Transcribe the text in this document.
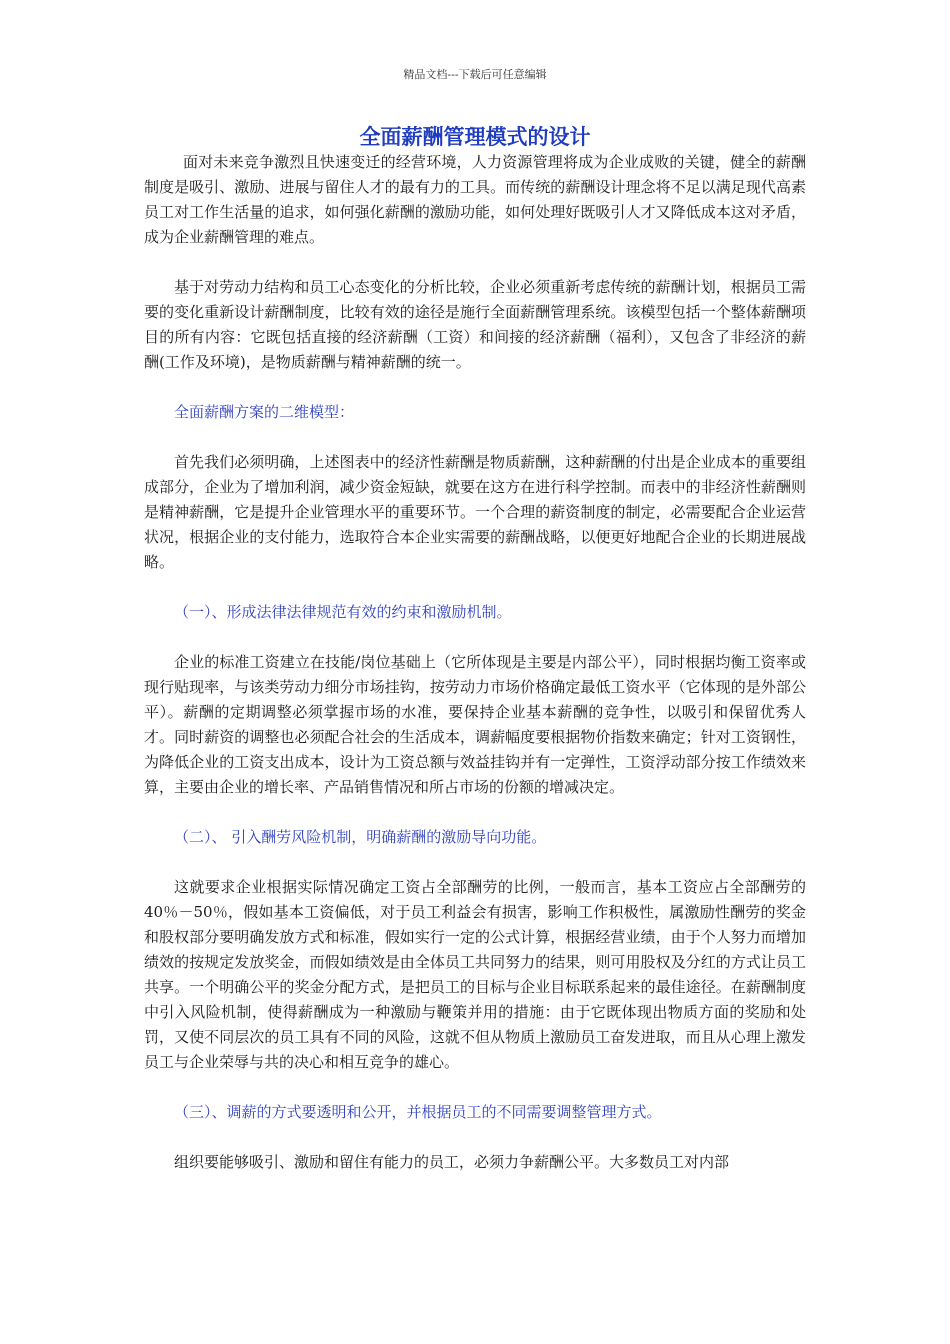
精品文档---下载后可任意编辑
全面薪酬管理模式的设计

面对未来竞争激烈且快速变迁的经营环境，人力资源管理将成为企业成败的关键，健全的薪酬制度是吸引、激励、进展与留住人才的最有力的工具。而传统的薪酬设计理念将不足以满足现代高素员工对工作生活量的追求，如何强化薪酬的激励功能，如何处理好既吸引人才又降低成本这对矛盾，成为企业薪酬管理的难点。

基于对劳动力结构和员工心态变化的分析比较，企业必须重新考虑传统的薪酬计划，根据员工需要的变化重新设计薪酬制度，比较有效的途径是施行全面薪酬管理系统。该模型包括一个整体薪酬项目的所有内容：它既包括直接的经济薪酬（工资）和间接的经济薪酬（福利），又包含了非经济的薪酬(工作及环境)，是物质薪酬与精神薪酬的统一。

全面薪酬方案的二维模型：

首先我们必须明确，上述图表中的经济性薪酬是物质薪酬，这种薪酬的付出是企业成本的重要组成部分，企业为了增加利润，减少资金短缺，就要在这方在进行科学控制。而表中的非经济性薪酬则是精神薪酬，它是提升企业管理水平的重要环节。一个合理的薪资制度的制定，必需要配合企业运营状况，根据企业的支付能力，选取符合本企业实需要的薪酬战略，以便更好地配合企业的长期进展战略。

（一）、形成法律法律规范有效的约束和激励机制。

企业的标准工资建立在技能/岗位基础上（它所体现是主要是内部公平），同时根据均衡工资率或现行贴现率，与该类劳动力细分市场挂钩，按劳动力市场价格确定最低工资水平（它体现的是外部公平）。薪酬的定期调整必须掌握市场的水准，要保持企业基本薪酬的竞争性，以吸引和保留优秀人才。同时薪资的调整也必须配合社会的生活成本，调薪幅度要根据物价指数来确定；针对工资钢性，为降低企业的工资支出成本，设计为工资总额与效益挂钩并有一定弹性，工资浮动部分按工作绩效来算，主要由企业的增长率、产品销售情况和所占市场的份额的增减决定。

（二）、 引入酬劳风险机制，明确薪酬的激励导向功能。

这就要求企业根据实际情况确定工资占全部酬劳的比例，一般而言，基本工资应占全部酬劳的40％－50％，假如基本工资偏低，对于员工利益会有损害，影响工作积极性，属激励性酬劳的奖金和股权部分要明确发放方式和标准，假如实行一定的公式计算，根据经营业绩，由于个人努力而增加绩效的按规定发放奖金，而假如绩效是由全体员工共同努力的结果，则可用股权及分红的方式让员工共享。一个明确公平的奖金分配方式，是把员工的目标与企业目标联系起来的最佳途径。在薪酬制度中引入风险机制，使得薪酬成为一种激励与鞭策并用的措施：由于它既体现出物质方面的奖励和处罚，又使不同层次的员工具有不同的风险，这就不但从物质上激励员工奋发进取，而且从心理上激发员工与企业荣辱与共的决心和相互竞争的雄心。

（三）、调薪的方式要透明和公开，并根据员工的不同需要调整管理方式。

组织要能够吸引、激励和留住有能力的员工，必须力争薪酬公平。大多数员工对内部
